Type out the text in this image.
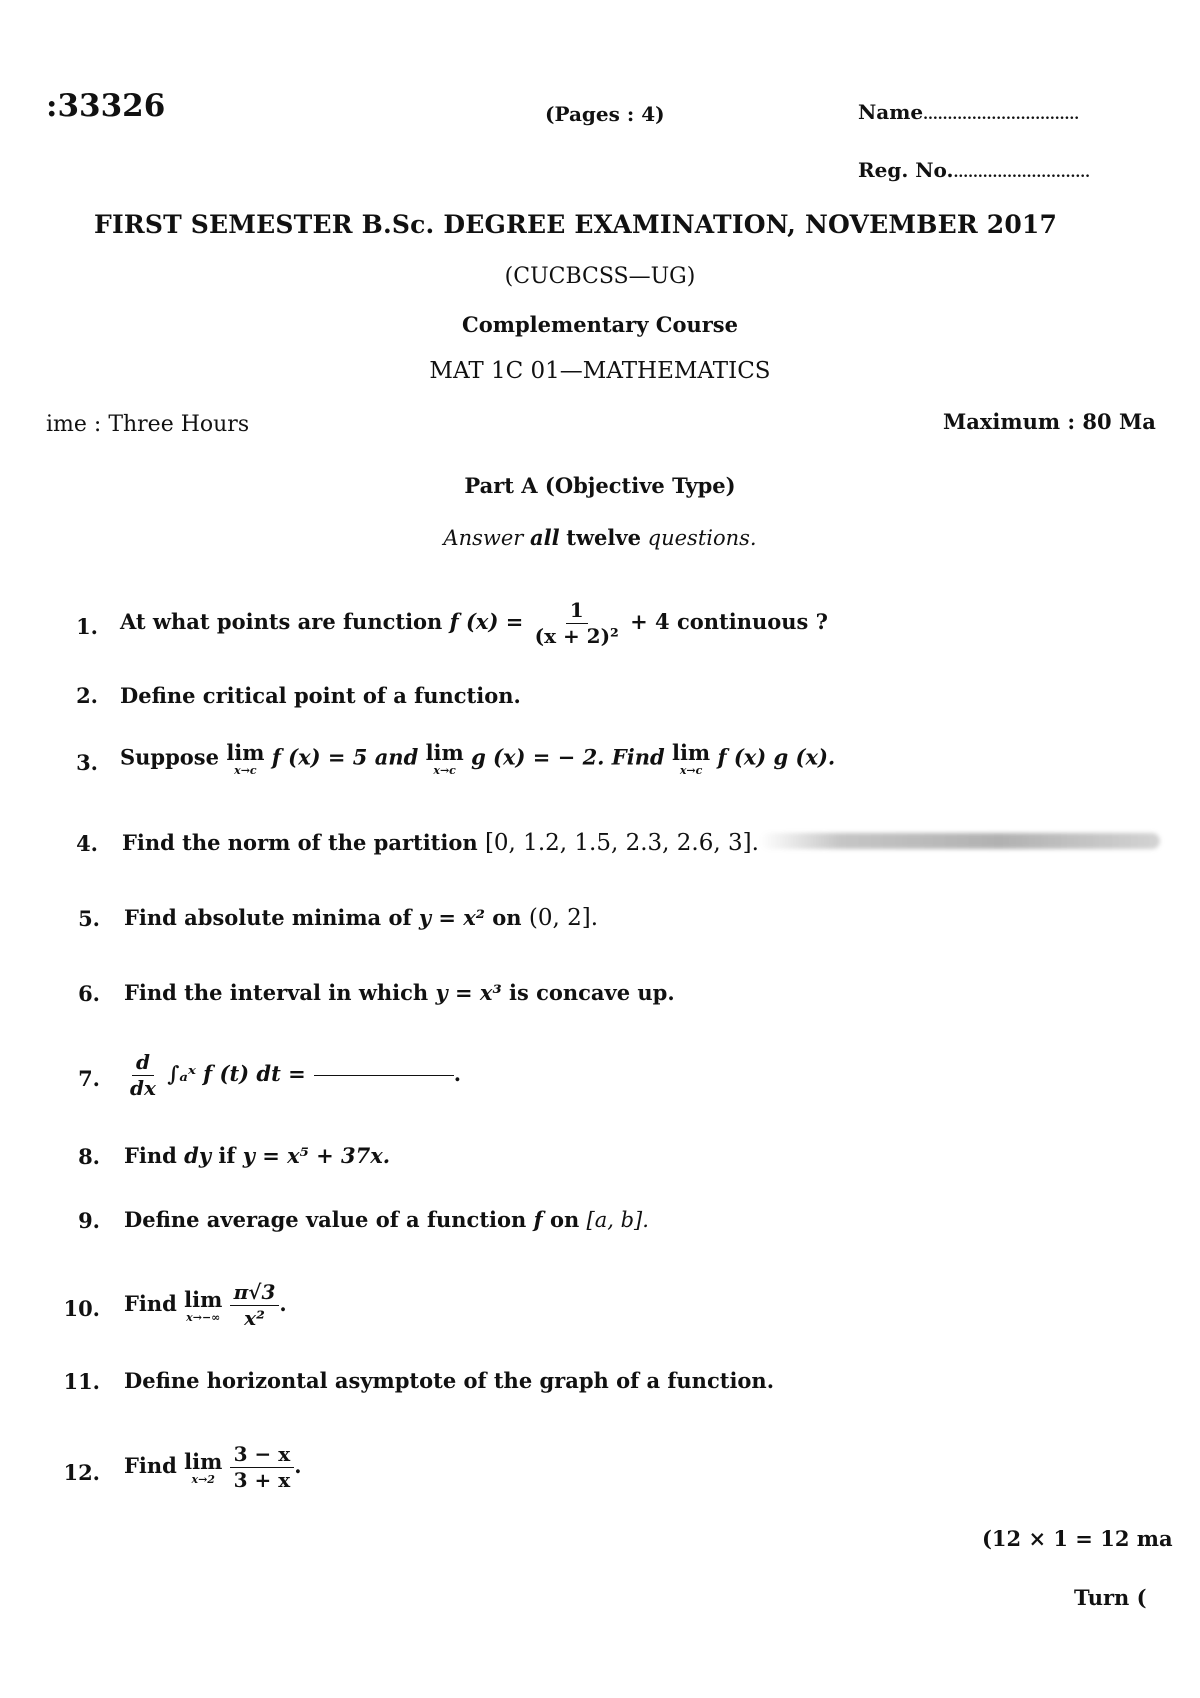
:33326	(Pages : 4)	Name................................
Reg. No.............................
FIRST SEMESTER B.Sc. DEGREE EXAMINATION, NOVEMBER 2017
(CUCBCSS—UG)
Complementary Course
MAT 1C 01—MATHEMATICS
ime : Three Hours	Maximum : 80 Ma
Part A (Objective Type)
Answer all twelve questions.
1. At what points are function f $(x) = \frac{1}{\text{(x + 2)²}} + 4$ continuous ?
2. Define critical point of a function.
3. Suppose lim
x→c
f (x) = 5 and lim
x→c
g (x) = − 2. Find lim
x→c
f (x) g (x).
4. Find the norm of the partition [0, 1.2, 1.5, 2.3, 2.6, 3].
5. Find absolute minima of y = x² on (0, 2].
6. Find the interval in which y = x³ is concave up.
7. $\frac{d}{dx}$ ∫ₐˣ f (t) dt =	.
8. Find dy if y = x⁵ + 37x.
9. Define average value of a function f on [a, b].
10. Find lim
x→−∞
$\frac{\pi√3}{\text{x²}}$ .
11. Define horizontal asymptote of the graph of a function.
12. Find lim
x→2
$\frac{3 - x}{3 + x}$ .
(12 × 1 = 12 ma
Turn (
